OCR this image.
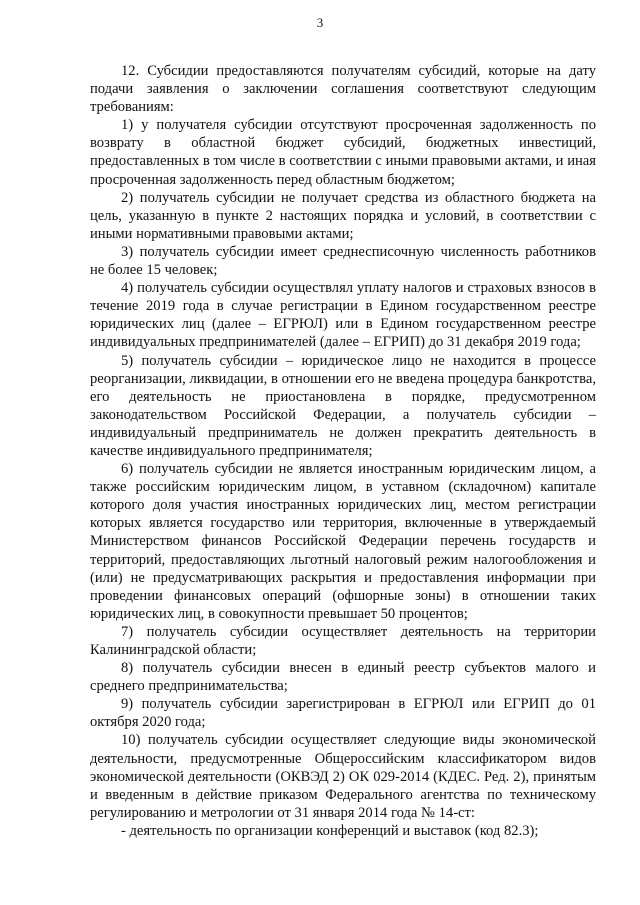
3

12. Субсидии предоставляются получателям субсидий, которые на дату подачи заявления о заключении соглашения соответствуют следующим требованиям:

1) у получателя субсидии отсутствуют просроченная задолженность по возврату в областной бюджет субсидий, бюджетных инвестиций, предоставленных в том числе в соответствии с иными правовыми актами, и иная просроченная задолженность перед областным бюджетом;

2) получатель субсидии не получает средства из областного бюджета на цель, указанную в пункте 2 настоящих порядка и условий, в соответствии с иными нормативными правовыми актами;

3) получатель субсидии имеет среднесписочную численность работников не более 15 человек;

4) получатель субсидии осуществлял уплату налогов и страховых взносов в течение 2019 года в случае регистрации в Едином государственном реестре юридических лиц (далее – ЕГРЮЛ) или в Едином государственном реестре индивидуальных предпринимателей (далее – ЕГРИП) до 31 декабря 2019 года;

5) получатель субсидии – юридическое лицо не находится в процессе реорганизации, ликвидации, в отношении его не введена процедура банкротства, его деятельность не приостановлена в порядке, предусмотренном законодательством Российской Федерации, а получатель субсидии – индивидуальный предприниматель не должен прекратить деятельность в качестве индивидуального предпринимателя;

6) получатель субсидии не является иностранным юридическим лицом, а также российским юридическим лицом, в уставном (складочном) капитале которого доля участия иностранных юридических лиц, местом регистрации которых является государство или территория, включенные в утверждаемый Министерством финансов Российской Федерации перечень государств и территорий, предоставляющих льготный налоговый режим налогообложения и (или) не предусматривающих раскрытия и предоставления информации при проведении финансовых операций (офшорные зоны) в отношении таких юридических лиц, в совокупности превышает 50 процентов;

7) получатель субсидии осуществляет деятельность на территории Калининградской области;

8) получатель субсидии внесен в единый реестр субъектов малого и среднего предпринимательства;

9) получатель субсидии зарегистрирован в ЕГРЮЛ или ЕГРИП до 01 октября 2020 года;

10) получатель субсидии осуществляет следующие виды экономической деятельности, предусмотренные Общероссийским классификатором видов экономической деятельности (ОКВЭД 2) ОК 029-2014 (КДЕС. Ред. 2), принятым и введенным в действие приказом Федерального агентства по техническому регулированию и метрологии от 31 января 2014 года № 14-ст:

- деятельность по организации конференций и выставок (код 82.3);
